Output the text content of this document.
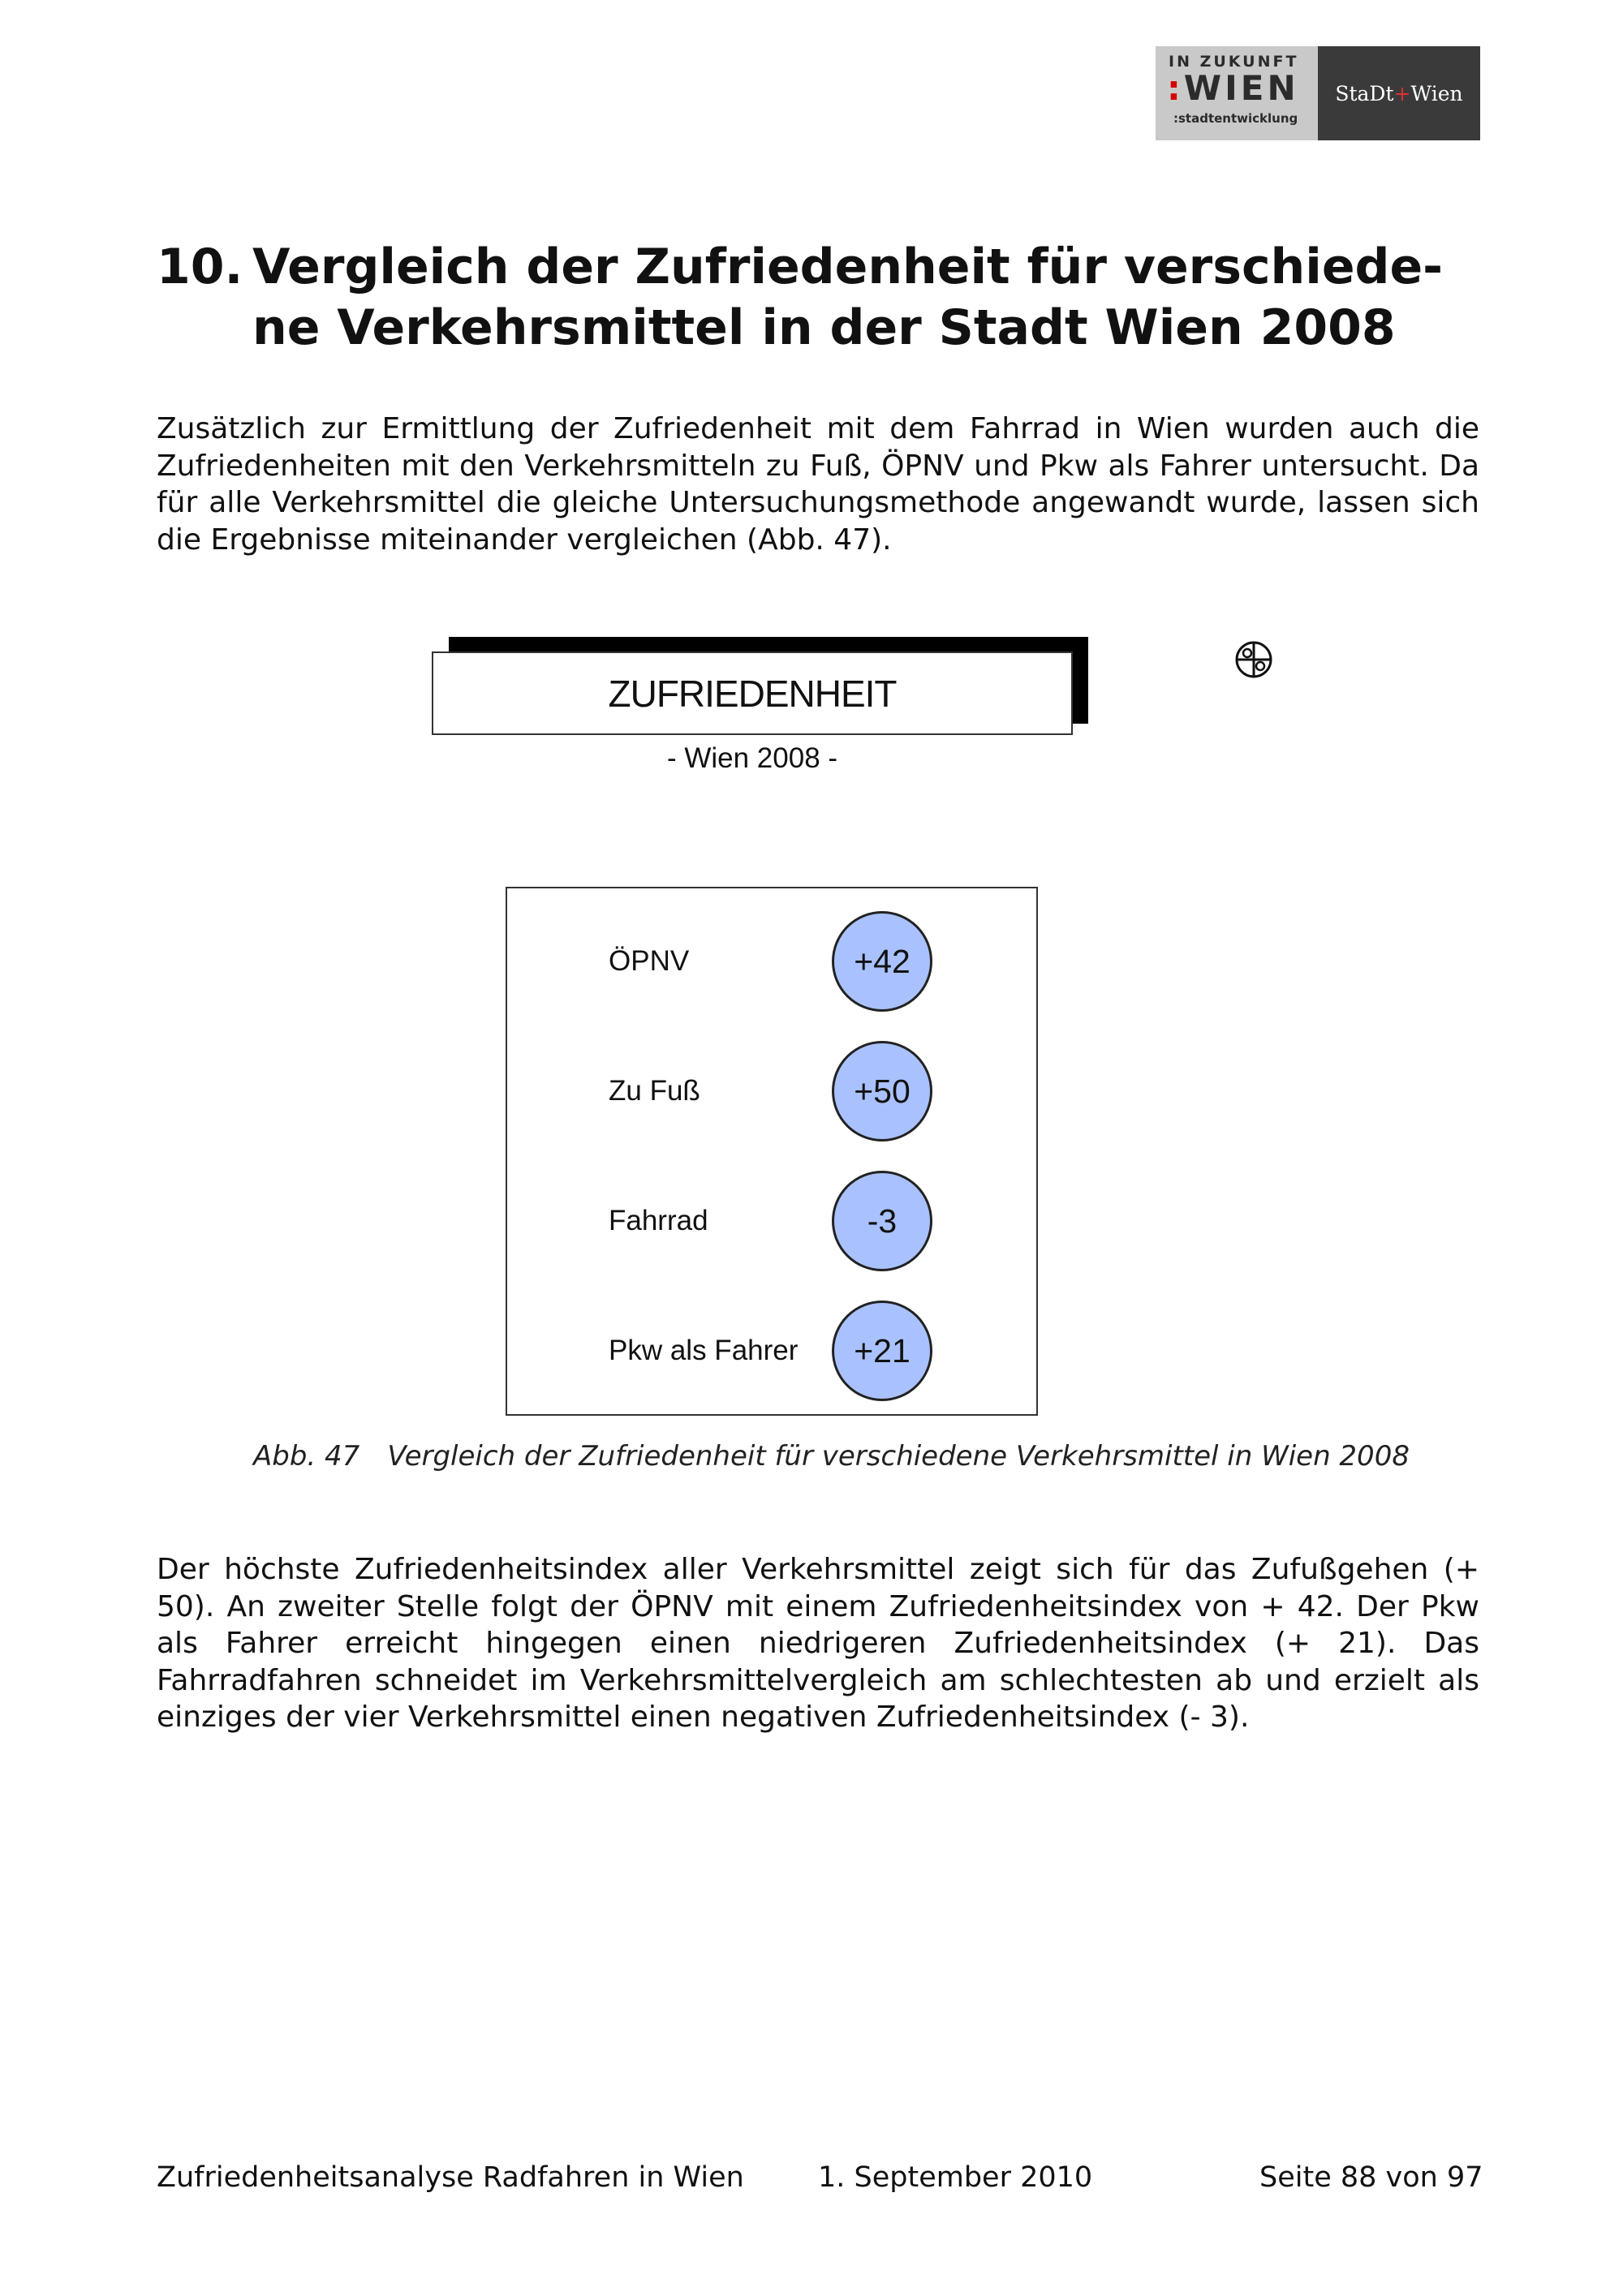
IN ZUKUNFT
:WIEN
:stadtentwicklung
StaDt + Wien
10. Vergleich der Zufriedenheit für verschiede-
ne Verkehrsmittel in der Stadt Wien 2008
Zusätzlich zur Ermittlung der Zufriedenheit mit dem Fahrrad in Wien wurden auch die Zufriedenheiten mit den Verkehrsmitteln zu Fuß, ÖPNV und Pkw als Fahrer untersucht. Da für alle Verkehrsmittel die gleiche Untersuchungsmethode angewandt wurde, lassen sich die Ergebnisse miteinander vergleichen (Abb. 47).
ZUFRIEDENHEIT
- Wien 2008 -
ÖPNV	+42
Zu Fuß	+50
Fahrrad	-3
Pkw als Fahrer	+21
Abb. 47 Vergleich der Zufriedenheit für verschiedene Verkehrsmittel in Wien 2008
Der höchste Zufriedenheitsindex aller Verkehrsmittel zeigt sich für das Zufußgehen (+ 50). An zweiter Stelle folgt der ÖPNV mit einem Zufriedenheitsindex von + 42. Der Pkw als Fahrer erreicht hingegen einen niedrigeren Zufriedenheitsindex (+ 21). Das Fahrradfahren schneidet im Verkehrsmittelvergleich am schlechtesten ab und erzielt als einziges der vier Verkehrsmittel einen negativen Zufriedenheitsindex (- 3).
Zufriedenheitsanalyse Radfahren in Wien	1. September 2010	Seite 88 von 97
